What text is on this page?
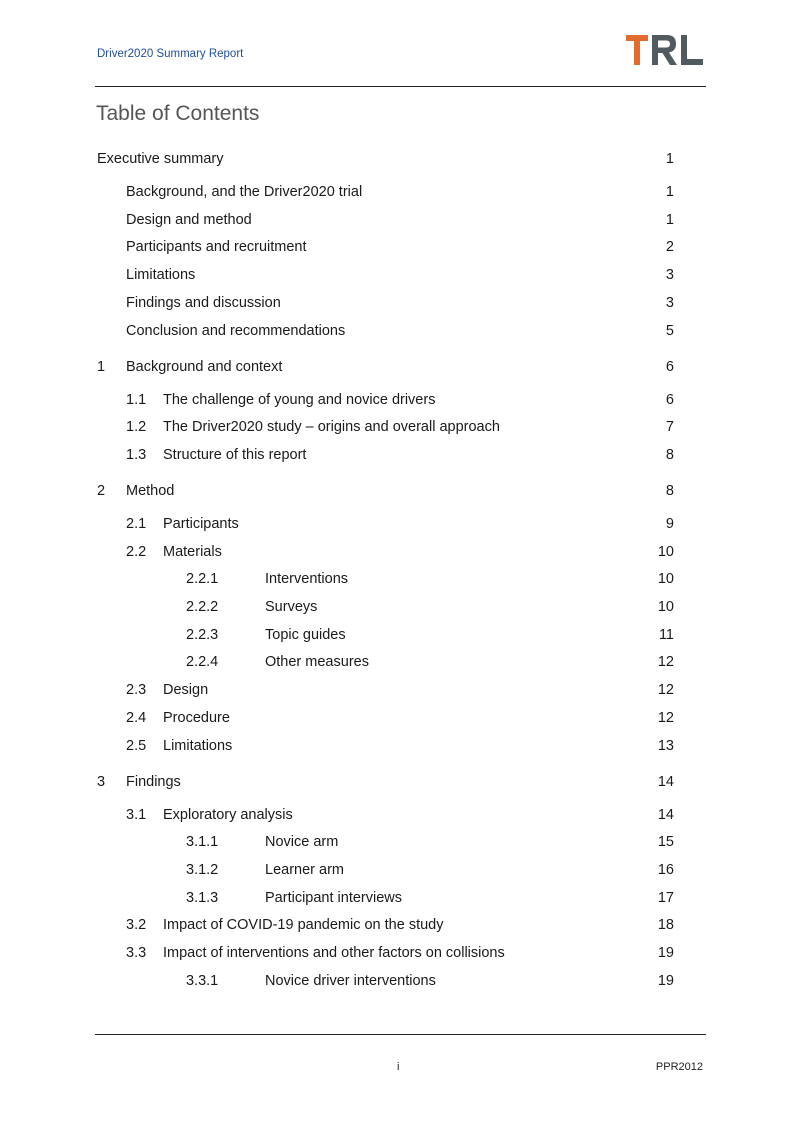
Driver2020 Summary Report
Table of Contents
Executive summary	1
Background, and the Driver2020 trial	1
Design and method	1
Participants and recruitment	2
Limitations	3
Findings and discussion	3
Conclusion and recommendations	5
1 Background and context	6
1.1 The challenge of young and novice drivers	6
1.2 The Driver2020 study – origins and overall approach	7
1.3 Structure of this report	8
2 Method	8
2.1 Participants	9
2.2 Materials	10
2.2.1	Interventions	10
2.2.2	Surveys	10
2.2.3	Topic guides	11
2.2.4	Other measures	12
2.3 Design	12
2.4 Procedure	12
2.5 Limitations	13
3 Findings	14
3.1 Exploratory analysis	14
3.1.1	Novice arm	15
3.1.2	Learner arm	16
3.1.3	Participant interviews	17
3.2 Impact of COVID-19 pandemic on the study	18
3.3 Impact of interventions and other factors on collisions	19
3.3.1	Novice driver interventions	19
i	PPR2012
